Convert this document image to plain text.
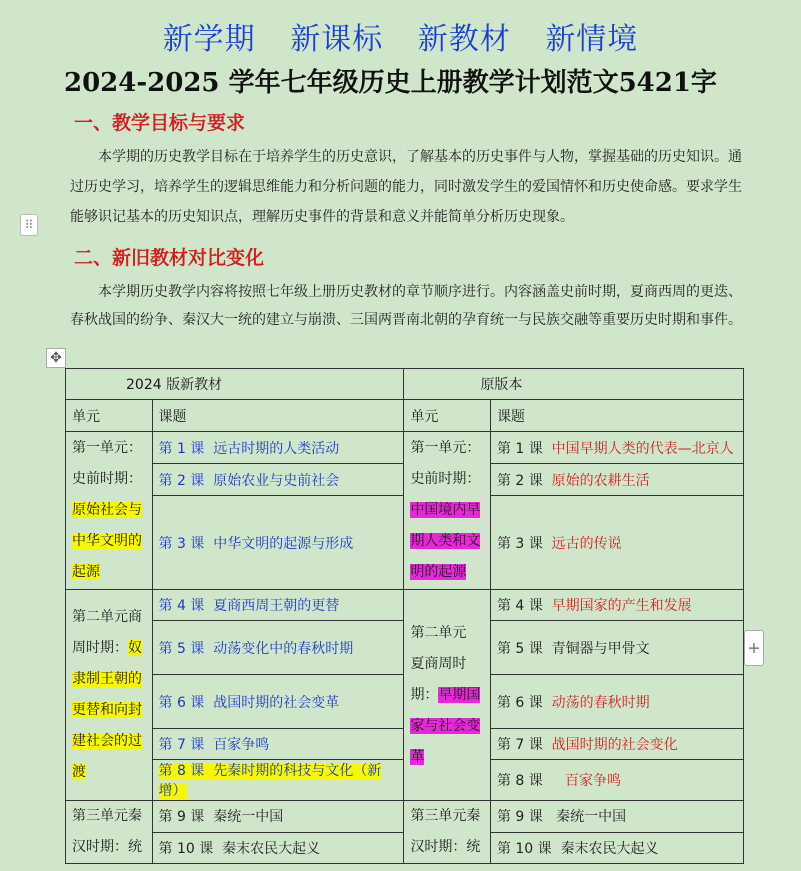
新学期 新课标 新教材 新情境
2024-2025 学年七年级历史上册教学计划范文5421字
一、教学目标与要求
本学期的历史教学目标在于培养学生的历史意识，了解基本的历史事件与人物，掌握基础的历史知识。通过历史学习，培养学生的逻辑思维能力和分析问题的能力，同时激发学生的爱国情怀和历史使命感。要求学生能够识记基本的历史知识点，理解历史事件的背景和意义并能简单分析历史现象。
⠿
二、新旧教材对比变化
本学期历史教学内容将按照七年级上册历史教材的章节顺序进行。内容涵盖史前时期，夏商西周的更迭、春秋战国的纷争、秦汉大一统的建立与崩溃、三国两晋南北朝的孕育统一与民族交融等重要历史时期和事件。
✥
2024 版新教材		原版本	
单元	课题	单元	课题
第一单元：史前时期：原始社会与中华文明的起源	第 1 课 远古时期的人类活动	第一单元：史前时期：中国境内早期人类和文明的起源	第 1 课 中国早期人类的代表—北京人
	第 2 课 原始农业与史前社会		第 2 课 原始的农耕生活
	第 3 课 中华文明的起源与形成		第 3 课 远古的传说
第二单元商周时期：奴隶制王朝的更替和向封建社会的过渡	第 4 课 夏商西周王朝的更替	第二单元 夏商周时期：早期国家与社会变革	第 4 课 早期国家的产生和发展
	第 5 课 动荡变化中的春秋时期		第 5 课 青铜器与甲骨文
	第 6 课 战国时期的社会变革		第 6 课 动荡的春秋时期
	第 7 课 百家争鸣		第 7 课 战国时期的社会变化
	第 8 课 先秦时期的科技与文化（新增）		第 8 课 百家争鸣
第三单元秦汉时期：统	第 9 课 秦统一中国	第三单元秦汉时期：统	第 9 课 秦统一中国
	第 10 课 秦末农民大起义		第 10 课 秦末农民大起义
+
